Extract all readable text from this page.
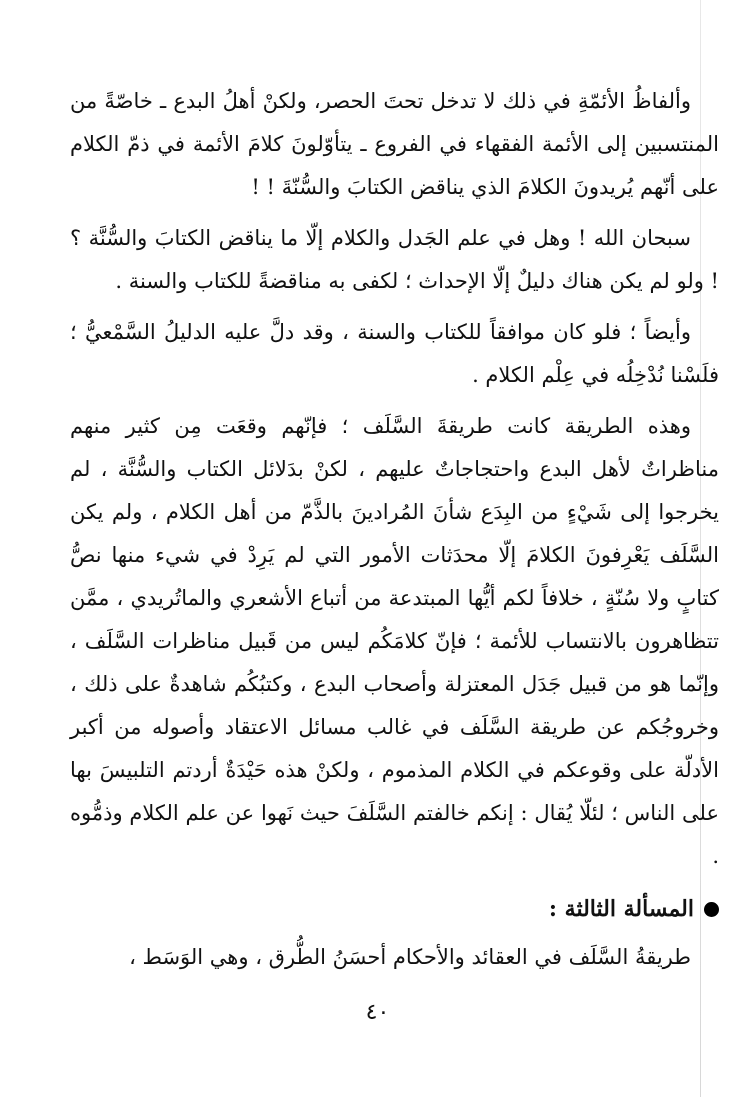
وألفاظُ الأئمّةِ في ذلك لا تدخل تحتَ الحصر، ولكنْ أهلُ البدع ـ خاصّةً من المنتسبين إلى الأئمة الفقهاء في الفروع ـ يتأوّلونَ كلامَ الأئمة في ذمّ الكلام على أنّهم يُريدونَ الكلامَ الذي يناقض الكتابَ والسُّنّةَ ! !

سبحان الله ! وهل في علم الجَدل والكلام إلّا ما يناقض الكتابَ والسُّنَّة ؟ ! ولو لم يكن هناك دليلٌ إلّا الإحداث ؛ لكفى به مناقضةً للكتاب والسنة .

وأيضاً ؛ فلو كان موافقاً للكتاب والسنة ، وقد دلَّ عليه الدليلُ السَّمْعيُّ ؛ فلَسْنا نُدْخِلُه في عِلْم الكلام .

وهذه الطريقة كانت طريقةَ السَّلَف ؛ فإنّهم وقعَت مِن كثير منهم مناظراتٌ لأهل البدع واحتجاجاتٌ عليهم ، لكنْ بدَلائل الكتاب والسُّنَّة ، لم يخرجوا إلى شَيْءٍ من البِدَع شأنَ المُرادينَ بالذَّمّ من أهل الكلام ، ولم يكن السَّلَف يَعْرِفونَ الكلامَ إلّا محدَثات الأمور التي لم يَرِدْ في شيء منها نصُّ كتابٍ ولا سُنّةٍ ، خلافاً لكم أيُّها المبتدعة من أتباع الأشعري والماتُريدي ، ممَّن تتظاهرون بالانتساب للأئمة ؛ فإنّ كلامَكُم ليس من قَبيل مناظرات السَّلَف ، وإنّما هو من قبيل جَدَل المعتزلة وأصحاب البدع ، وكتبُكُم شاهدةٌ على ذلك ، وخروجُكم عن طريقة السَّلَف في غالب مسائل الاعتقاد وأصوله من أكبر الأدلّة على وقوعكم في الكلام المذموم ، ولكنْ هذه حَيْدَةٌ أردتم التلبيسَ بها على الناس ؛ لئلّا يُقال : إنكم خالفتم السَّلَفَ حيث نَهوا عن علم الكلام وذمُّوه .

المسألة الثالثة :

طريقةُ السَّلَف في العقائد والأحكام أحسَنُ الطُّرق ، وهي الوَسَط ،

٤٠
